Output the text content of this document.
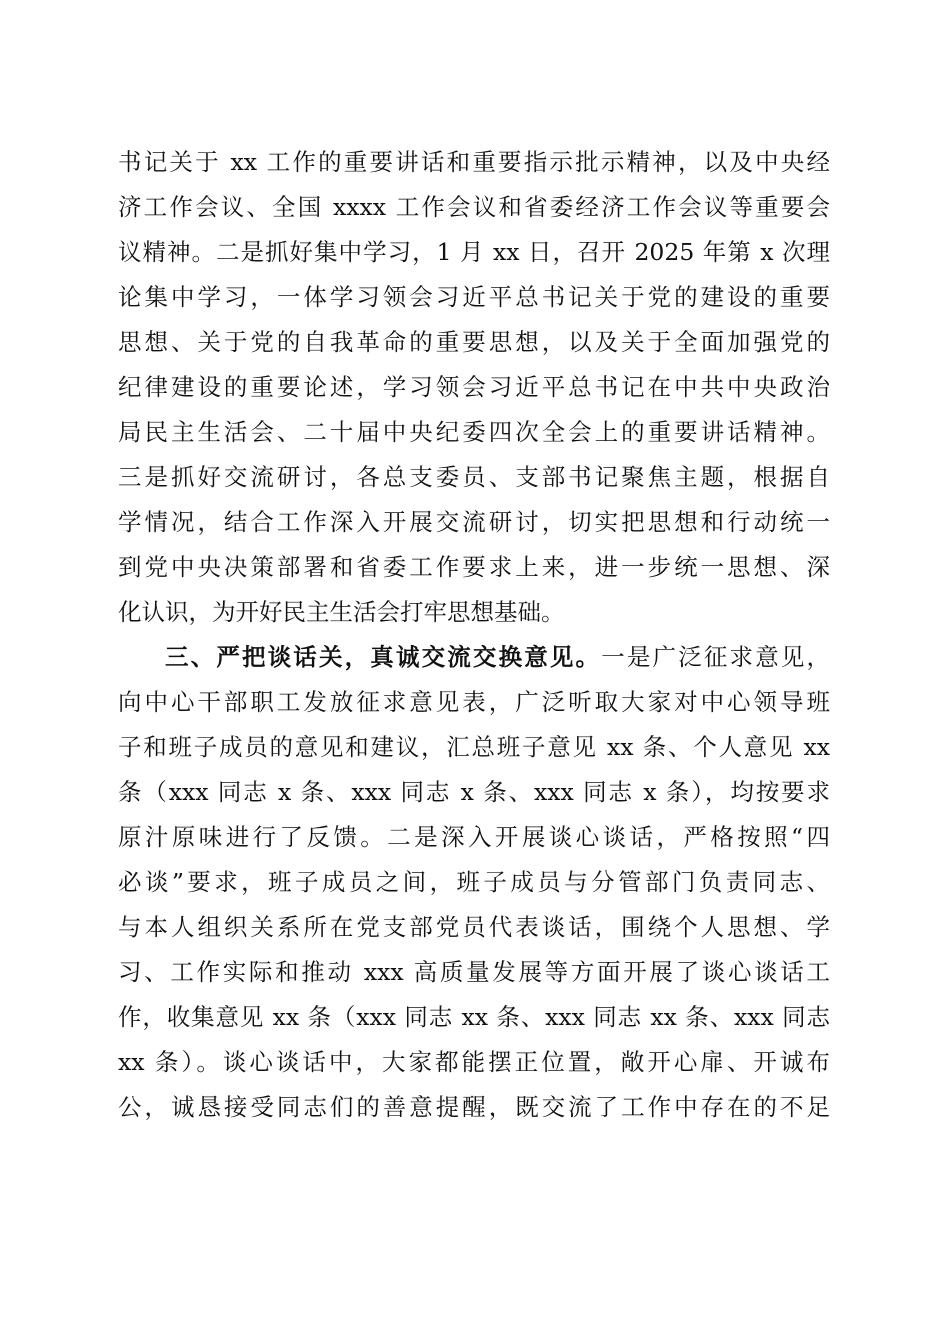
书记关于 xx 工作的重要讲话和重要指示批示精神，以及中央经
济工作会议、全国 xxxx 工作会议和省委经济工作会议等重要会
议精神。二是抓好集中学习，1 月 xx 日，召开 2025 年第 x 次理
论集中学习，一体学习领会习近平总书记关于党的建设的重要
思想、关于党的自我革命的重要思想，以及关于全面加强党的
纪律建设的重要论述，学习领会习近平总书记在中共中央政治
局民主生活会、二十届中央纪委四次全会上的重要讲话精神。
三是抓好交流研讨，各总支委员、支部书记聚焦主题，根据自
学情况，结合工作深入开展交流研讨，切实把思想和行动统一
到党中央决策部署和省委工作要求上来，进一步统一思想、深
化认识，为开好民主生活会打牢思想基础。
三、严把谈话关，真诚交流交换意见。一是广泛征求意见，
向中心干部职工发放征求意见表，广泛听取大家对中心领导班
子和班子成员的意见和建议，汇总班子意见 xx 条、个人意见 xx
条（xxx 同志 x 条、xxx 同志 x 条、xxx 同志 x 条），均按要求
原汁原味进行了反馈。二是深入开展谈心谈话，严格按照“四
必谈”要求，班子成员之间，班子成员与分管部门负责同志、
与本人组织关系所在党支部党员代表谈话，围绕个人思想、学
习、工作实际和推动 xxx 高质量发展等方面开展了谈心谈话工
作，收集意见 xx 条（xxx 同志 xx 条、xxx 同志 xx 条、xxx 同志
xx 条）。谈心谈话中，大家都能摆正位置，敞开心扉、开诚布
公，诚恳接受同志们的善意提醒，既交流了工作中存在的不足
